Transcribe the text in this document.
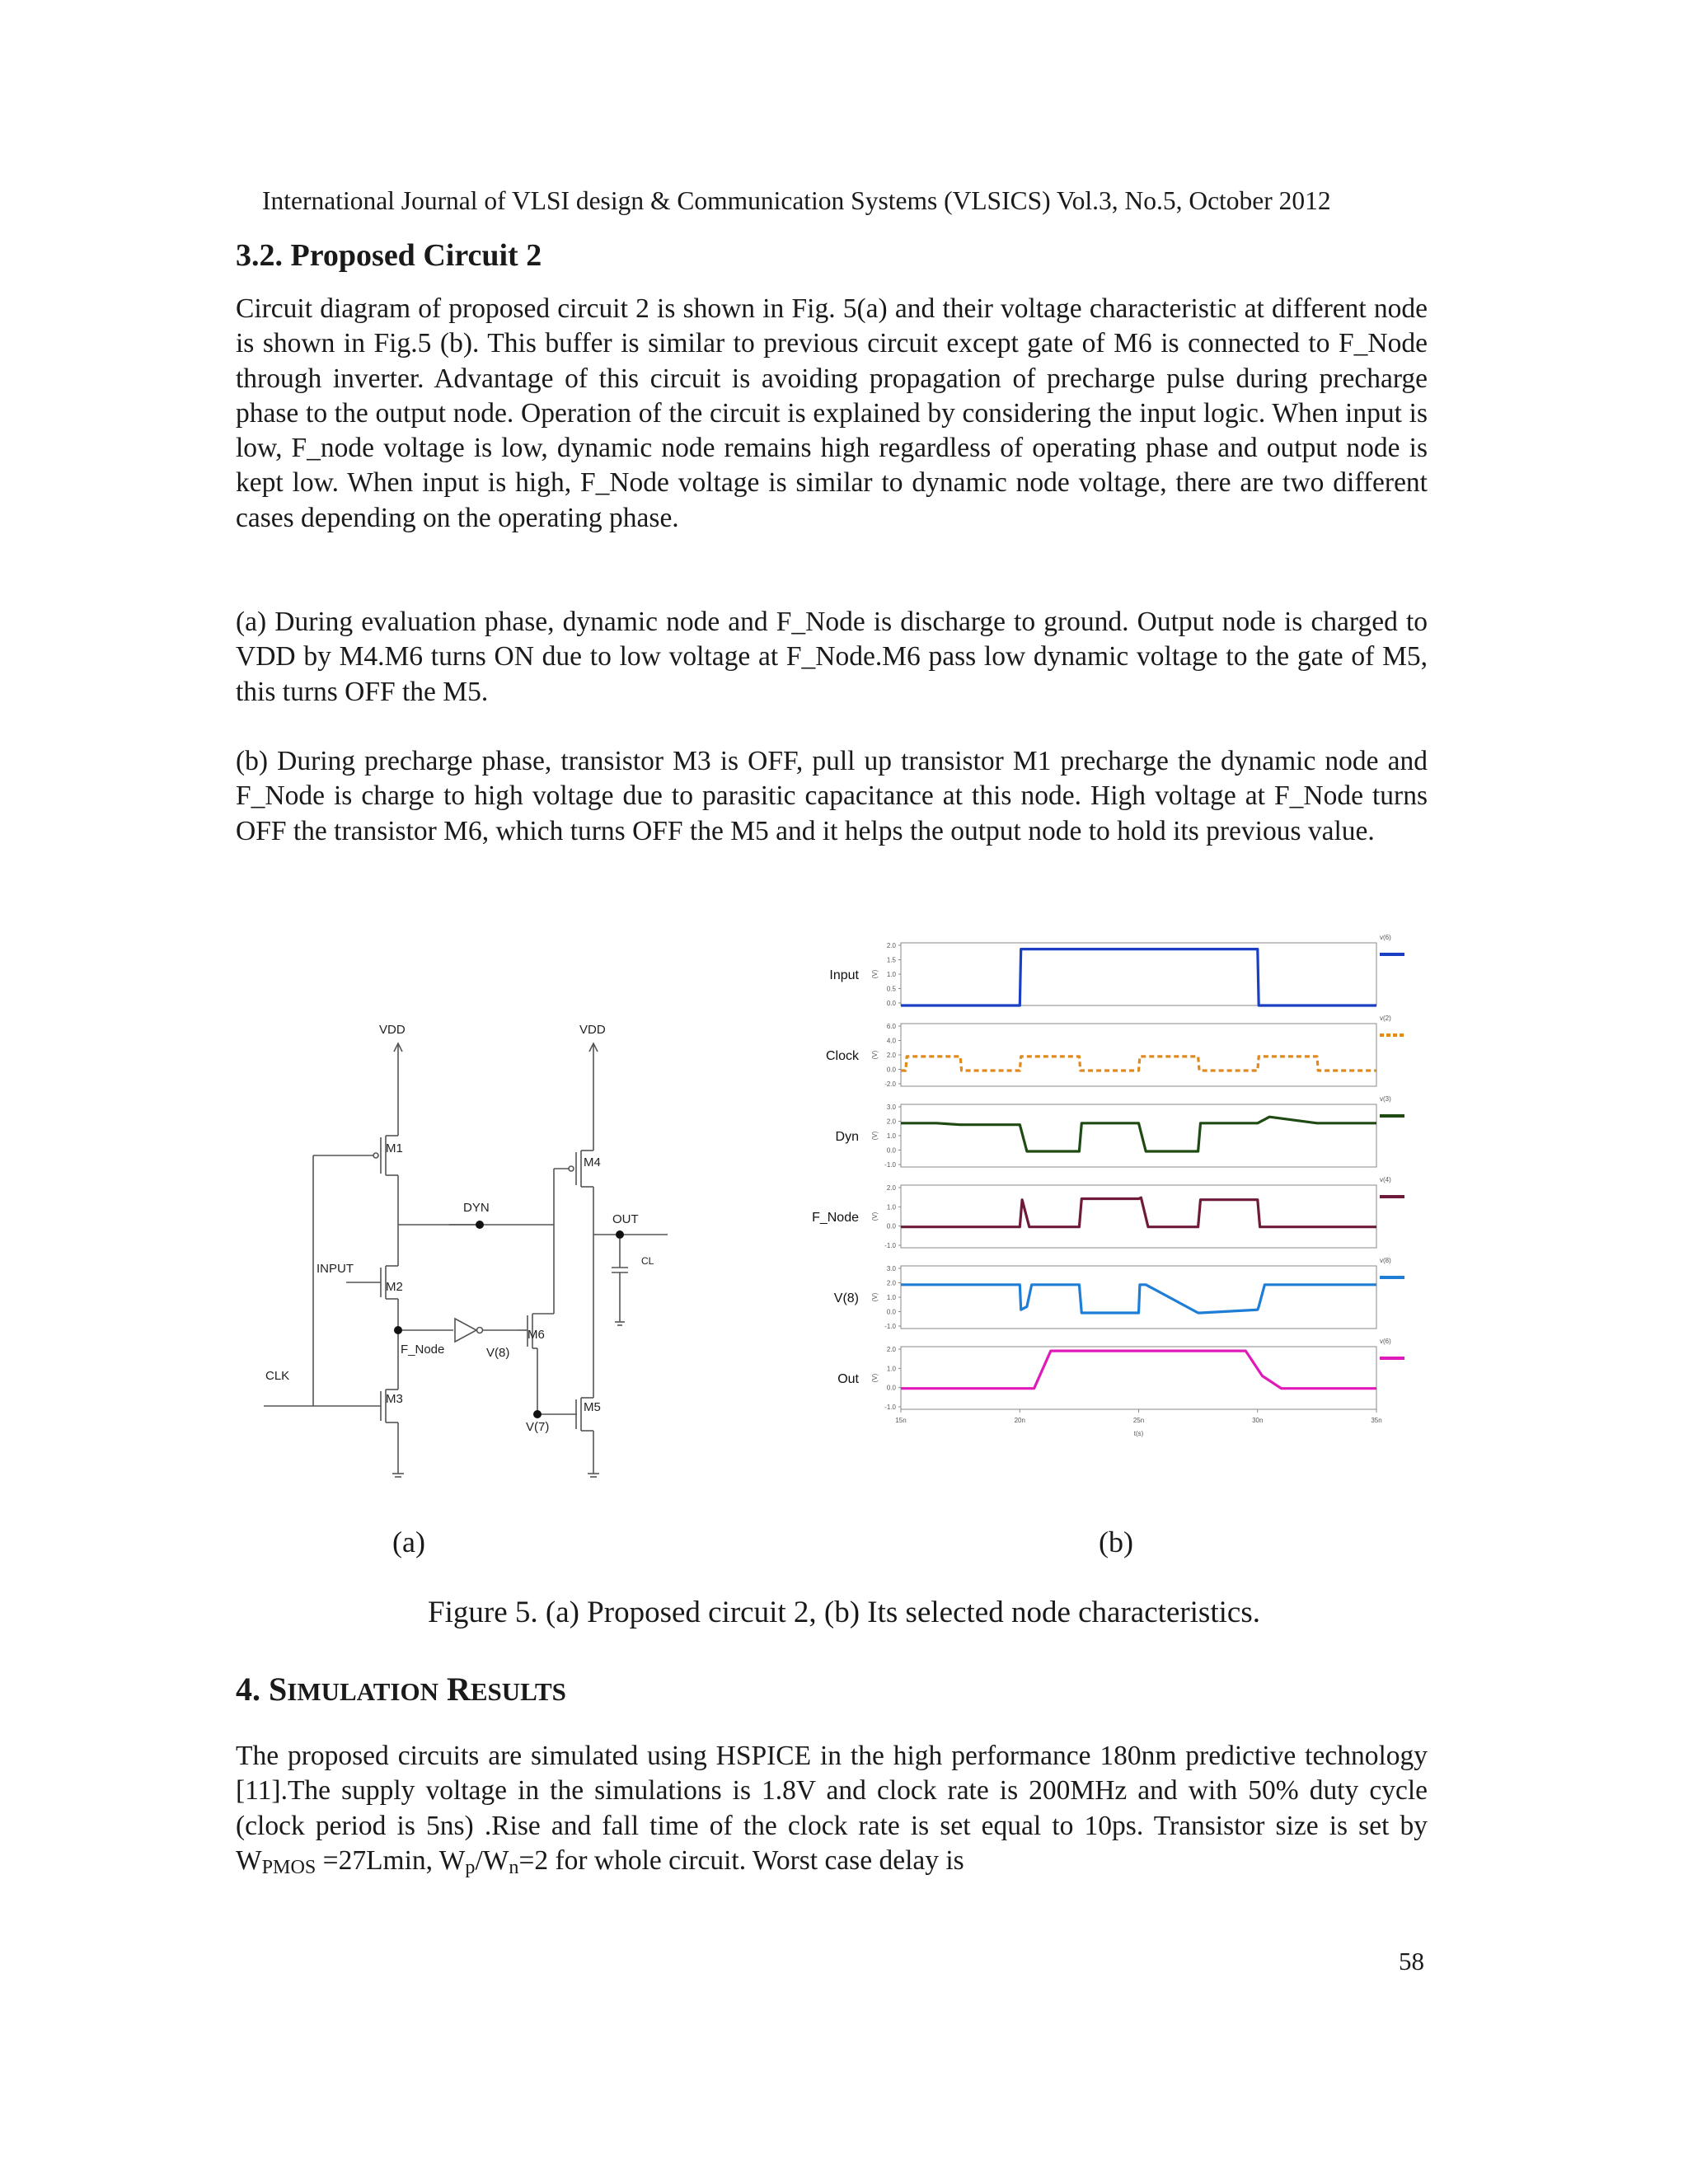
International Journal of VLSI design & Communication Systems (VLSICS) Vol.3, No.5, October 2012
3.2. Proposed Circuit 2
Circuit diagram of proposed circuit 2 is shown in Fig. 5(a) and their voltage characteristic at different node is shown in Fig.5 (b). This buffer is similar to previous circuit except gate of M6 is connected to F_Node through inverter. Advantage of this circuit is avoiding propagation of precharge pulse during precharge phase to the output node. Operation of the circuit is explained by considering the input logic. When input is low, F_node voltage is low, dynamic node remains high regardless of operating phase and output node is kept low. When input is high, F_Node voltage is similar to dynamic node voltage, there are two different cases depending on the operating phase.
(a) During evaluation phase, dynamic node and F_Node is discharge to ground. Output node is charged to VDD by M4.M6 turns ON due to low voltage at F_Node.M6 pass low dynamic voltage to the gate of M5, this turns OFF the M5.
(b) During precharge phase, transistor M3 is OFF, pull up transistor M1 precharge the dynamic node and F_Node is charge to high voltage due to parasitic capacitance at this node. High voltage at F_Node turns OFF the transistor M6, which turns OFF the M5 and it helps the output node to hold its previous value.
VDD	VDD
M1
M4
DYN
OUT
CL
INPUT
M2
M6
F_Node	V(8)
CLK
M3
M5
V(7)
Input (V)
2.0
1.5
1.0
0.5
0.0
v(6)
Clock (V)
6.0
4.0
2.0
0.0
-2.0
v(2)
Dyn (V)
3.0
2.0
1.0
0.0
-1.0
v(3)
F_Node (V)
2.0
1.0
0.0
-1.0
v(4)
V(8) (V)
3.0
2.0
1.0
0.0
-1.0
v(8)
Out (V)
2.0
1.0
0.0
-1.0
v(6)
15n	20n	25n	30n	35n
t(s)
(a)	(b)
Figure 5. (a) Proposed circuit 2, (b) Its selected node characteristics.
4. SIMULATION RESULTS
The proposed circuits are simulated using HSPICE in the high performance 180nm predictive technology [11].The supply voltage in the simulations is 1.8V and clock rate is 200MHz and with 50% duty cycle (clock period is 5ns) .Rise and fall time of the clock rate is set equal to 10ps. Transistor size is set by $W_{PMOS} =27Lmin$, $W_p/W_n=2$ for whole circuit. Worst case delay is
58
